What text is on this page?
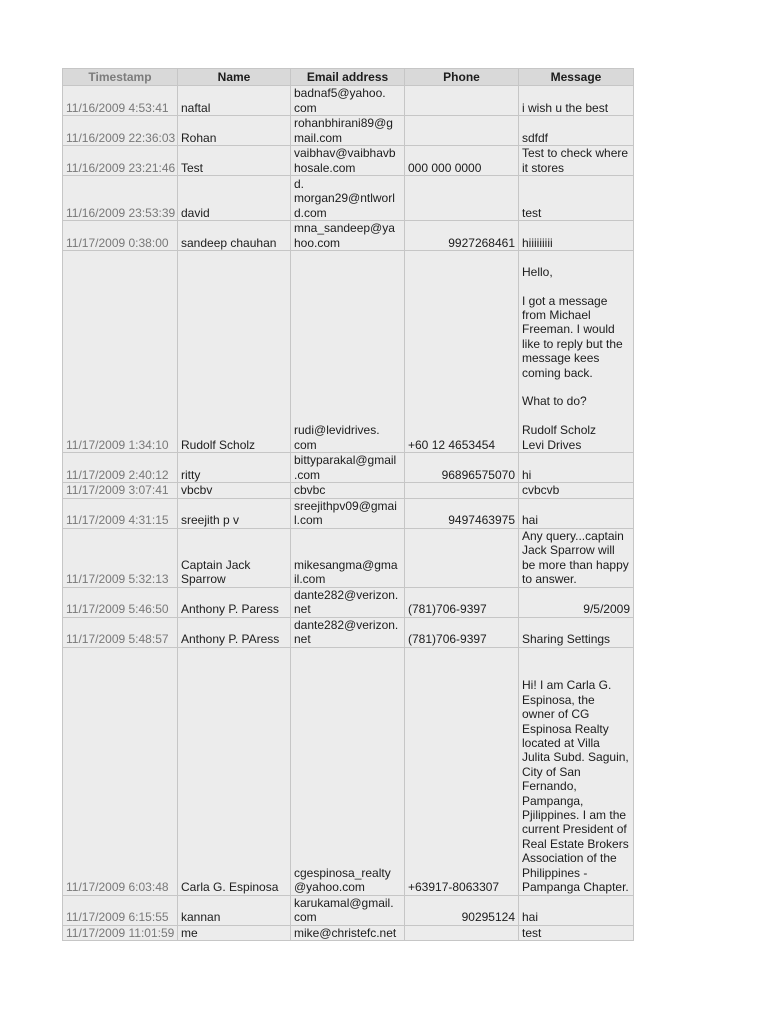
Timestamp	Name	Email address	Phone	Message
11/16/2009 4:53:41	naftal	badnaf5@yahoo.
com		i wish u the best
11/16/2009 22:36:03	Rohan	rohanbhirani89@g
mail.com		sdfdf
11/16/2009 23:21:46	Test	vaibhav@vaibhavb
hosale.com	000 000 0000	Test to check where it stores
11/16/2009 23:53:39	david	d.
morgan29@ntlworl
d.com		test
11/17/2009 0:38:00	sandeep chauhan	mna_sandeep@ya
hoo.com	9927268461	hiiiiiiiii
11/17/2009 1:34:10	Rudolf Scholz	rudi@levidrives.
com	+60 12 4653454	Hello,

I got a message from Michael Freeman. I would like to reply but the message kees coming back.

What to do?

Rudolf Scholz
Levi Drives
11/17/2009 2:40:12	ritty	bittyparakal@gmail
.com	96896575070	hi
11/17/2009 3:07:41	vbcbv	cbvbc		cvbcvb
11/17/2009 4:31:15	sreejith p v	sreejithpv09@gmai
l.com	9497463975	hai
11/17/2009 5:32:13	Captain Jack
Sparrow	mikesangma@gma
il.com		Any query...captain Jack Sparrow will be more than happy to answer.
11/17/2009 5:46:50	Anthony P. Paress	dante282@verizon.
net	(781)706-9397	9/5/2009
11/17/2009 5:48:57	Anthony P. PAress	dante282@verizon.
net	(781)706-9397	Sharing Settings
11/17/2009 6:03:48	Carla G. Espinosa	cgespinosa_realty
@yahoo.com	+63917-8063307	Hi! I am Carla G. Espinosa, the owner of CG Espinosa Realty located at Villa Julita Subd. Saguin, City of San Fernando, Pampanga, Pjilippines. I am the current President of Real Estate Brokers Association of the Philippines - Pampanga Chapter.
11/17/2009 6:15:55	kannan	karukamal@gmail.
com	90295124	hai
11/17/2009 11:01:59	me	mike@christefc.net		test
